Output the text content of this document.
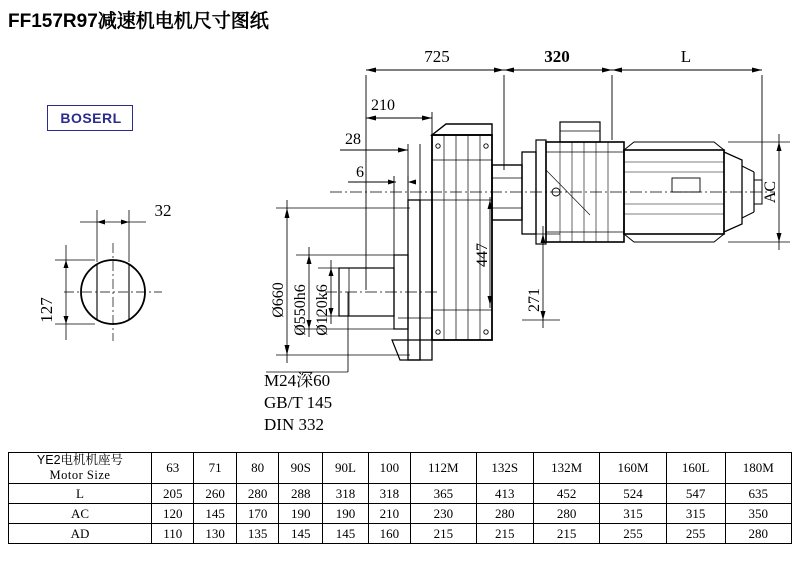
FF157R97减速机电机尺寸图纸
BOSERL
32
127
725	320	L
210
28
6
Ø660 Ø550h6 Ø120k6
447
271
AC
M24深60
GB/T 145
DIN 332
YE2电机机座号
Motor Size	63	71	80	90S	90L	100	112M	132S	132M	160M	160L	180M
L	205	260	280	288	318	318	365	413	452	524	547	635
AC	120	145	170	190	190	210	230	280	280	315	315	350
AD	110	130	135	145	145	160	215	215	215	255	255	280
